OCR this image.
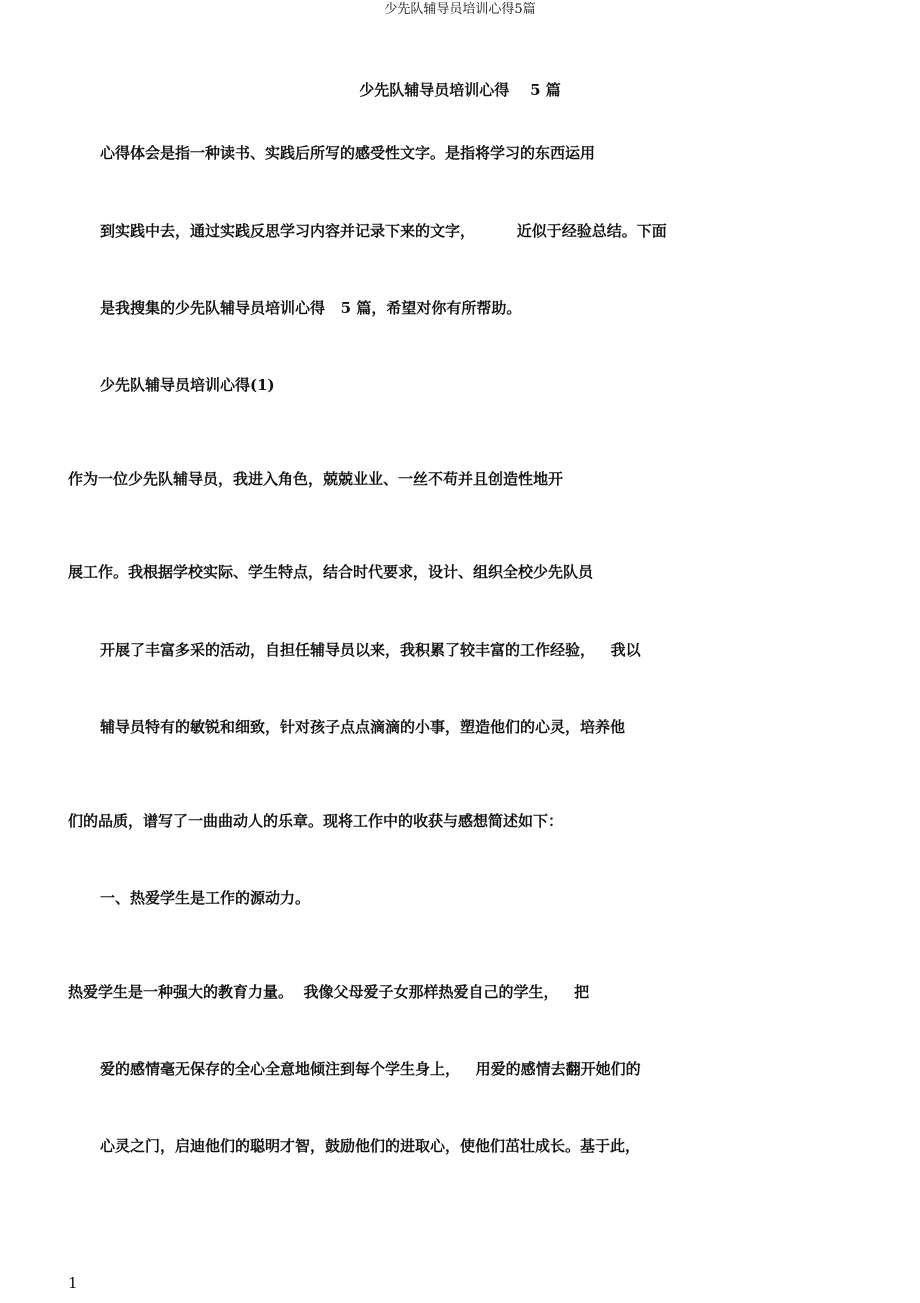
少先队辅导员培训心得5篇
少先队辅导员培训心得    5 篇
心得体会是指一种读书、实践后所写的感受性文字。是指将学习的东西运用
到实践中去，通过实践反思学习内容并记录下来的文字，        近似于经验总结。下面
是我搜集的少先队辅导员培训心得   5 篇，希望对你有所帮助。
少先队辅导员培训心得(1)
作为一位少先队辅导员，我进入角色，兢兢业业、一丝不苟并且创造性地开
展工作。我根据学校实际、学生特点，结合时代要求，设计、组织全校少先队员
开展了丰富多采的活动，自担任辅导员以来，我积累了较丰富的工作经验，   我以
辅导员特有的敏锐和细致，针对孩子点点滴滴的小事，塑造他们的心灵，培养他
们的品质，谱写了一曲曲动人的乐章。现将工作中的收获与感想简述如下：
一、热爱学生是工作的源动力。
热爱学生是一种强大的教育力量。  我像父母爱子女那样热爱自己的学生，   把
爱的感情毫无保存的全心全意地倾注到每个学生身上，   用爱的感情去翻开她们的
心灵之门，启迪他们的聪明才智，鼓励他们的进取心，使他们茁壮成长。基于此，
1
